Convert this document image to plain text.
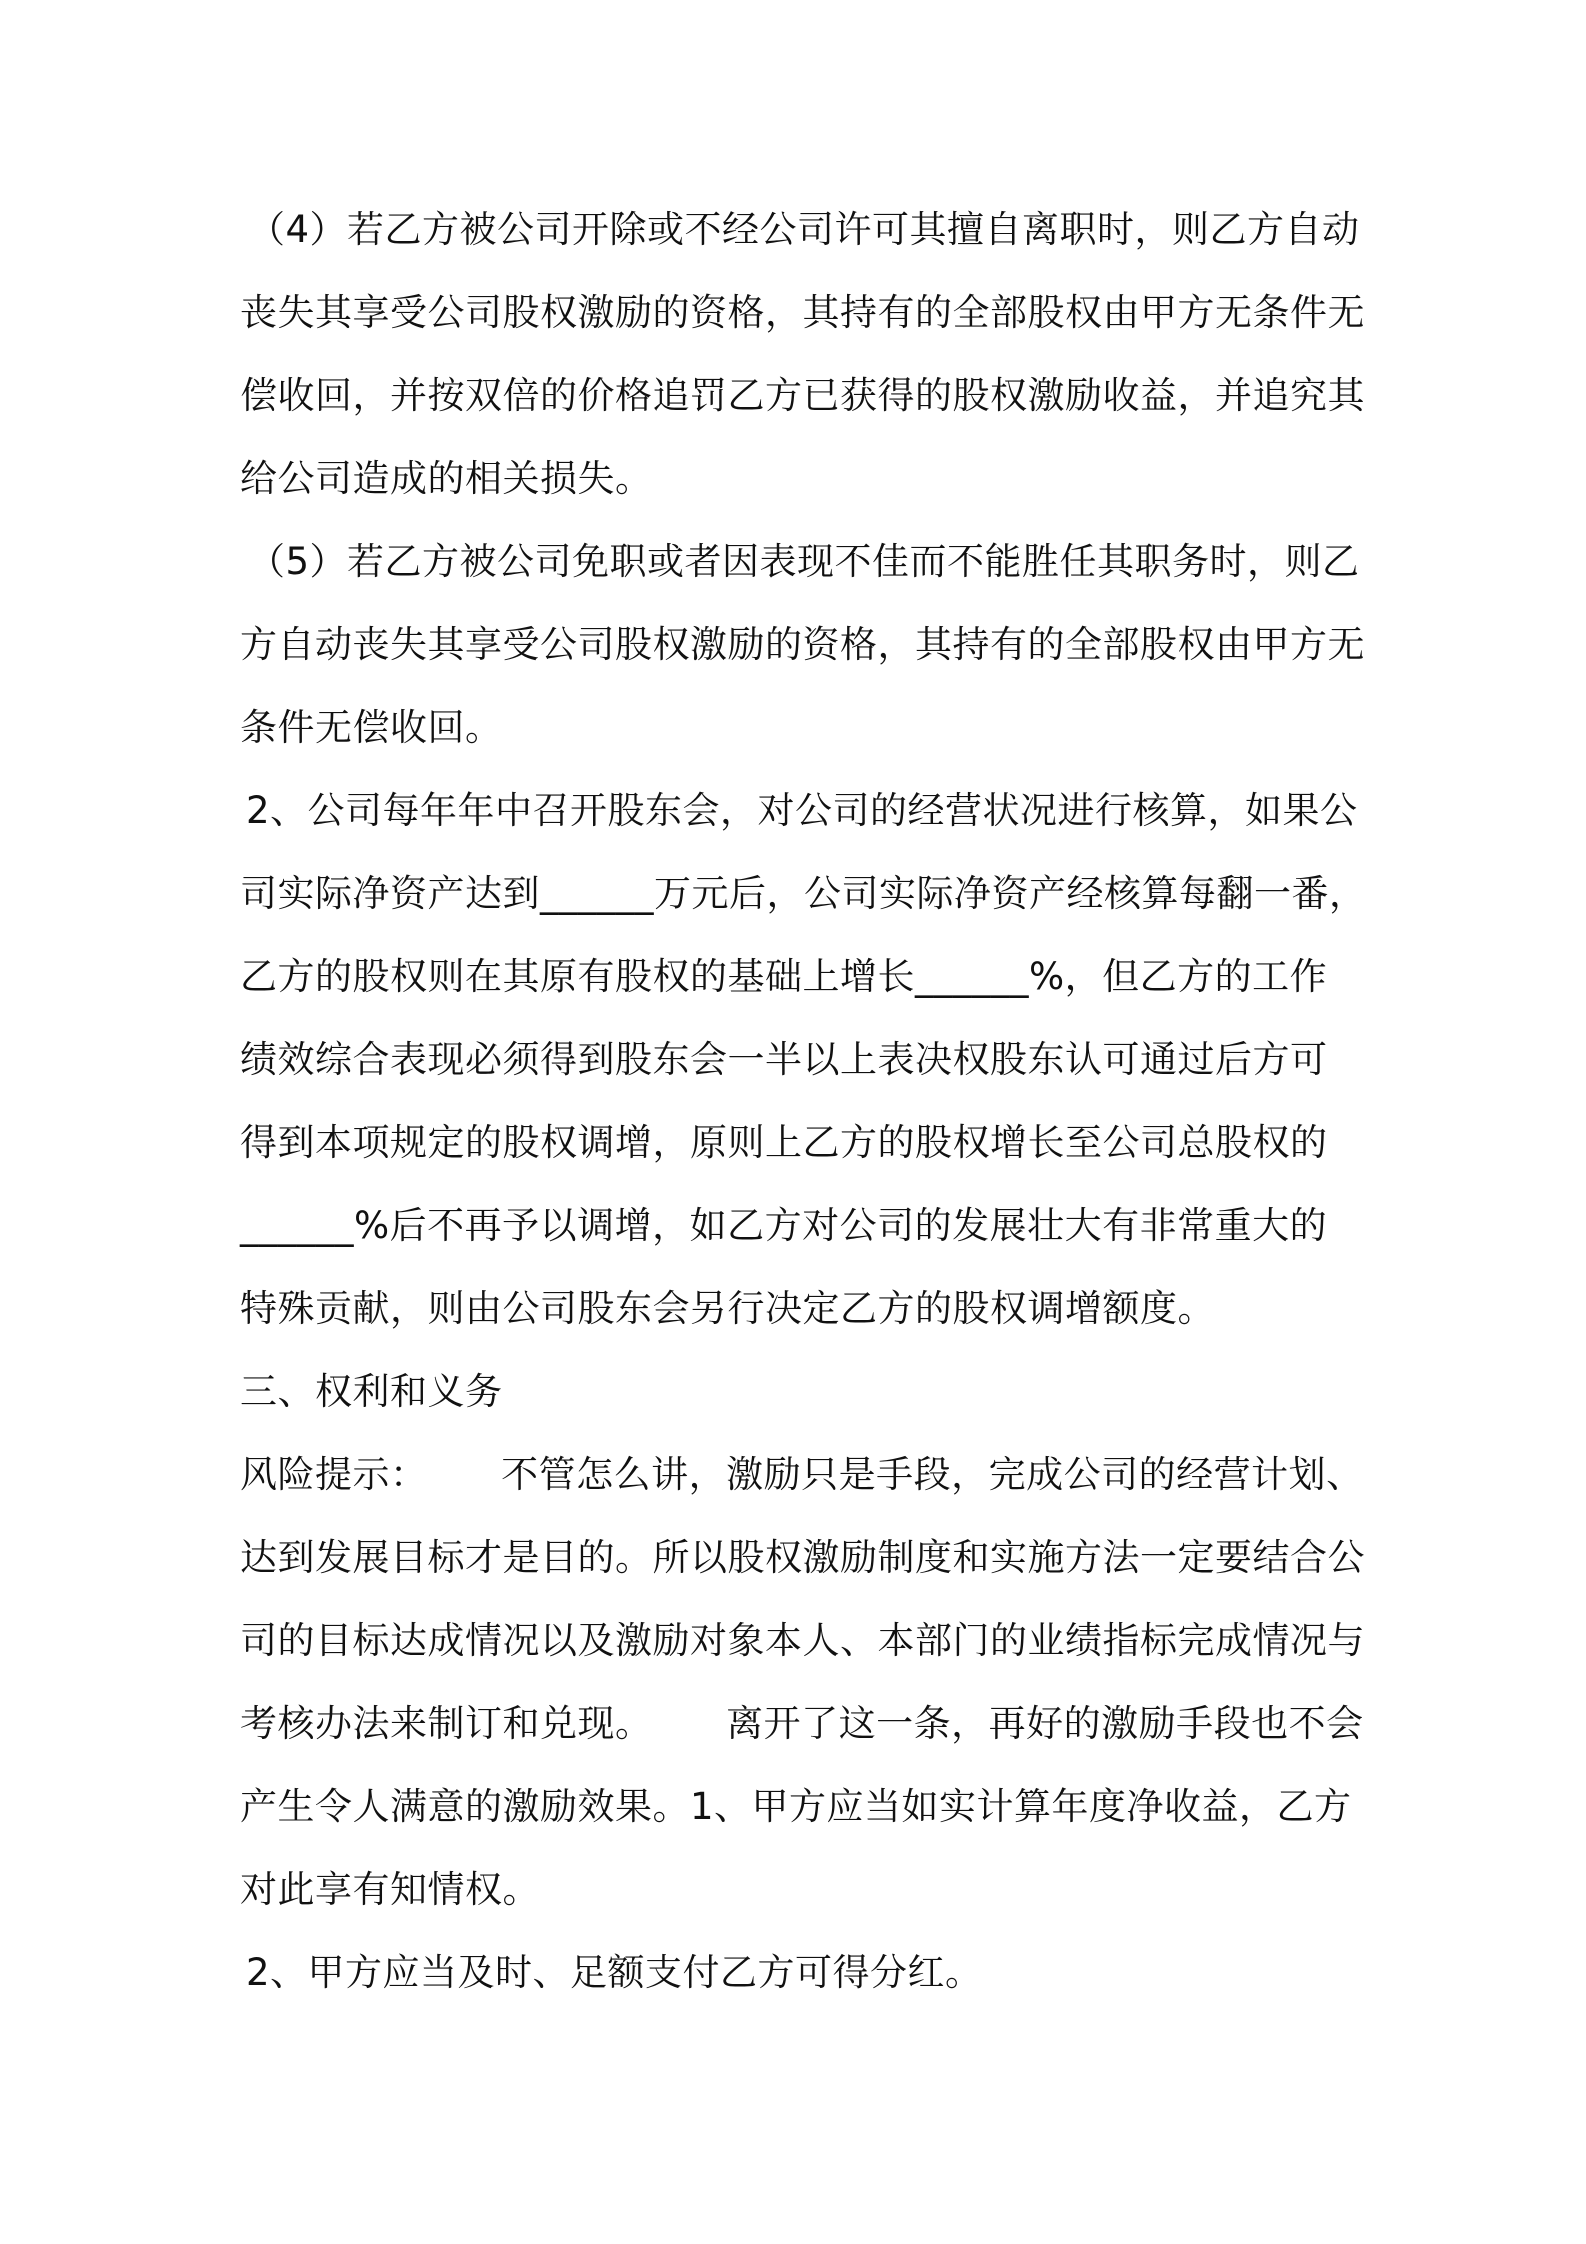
（4）若乙方被公司开除或不经公司许可其擅自离职时，则乙方自动
丧失其享受公司股权激励的资格，其持有的全部股权由甲方无条件无
偿收回，并按双倍的价格追罚乙方已获得的股权激励收益，并追究其
给公司造成的相关损失。
（5）若乙方被公司免职或者因表现不佳而不能胜任其职务时，则乙
方自动丧失其享受公司股权激励的资格，其持有的全部股权由甲方无
条件无偿收回。
2、公司每年年中召开股东会，对公司的经营状况进行核算，如果公
司实际净资产达到______万元后，公司实际净资产经核算每翻一番，
乙方的股权则在其原有股权的基础上增长______%，但乙方的工作
绩效综合表现必须得到股东会一半以上表决权股东认可通过后方可
得到本项规定的股权调增，原则上乙方的股权增长至公司总股权的
______%后不再予以调增，如乙方对公司的发展壮大有非常重大的
特殊贡献，则由公司股东会另行决定乙方的股权调增额度。
三、权利和义务
风险提示：      不管怎么讲，激励只是手段，完成公司的经营计划、
达到发展目标才是目的。所以股权激励制度和实施方法一定要结合公
司的目标达成情况以及激励对象本人、本部门的业绩指标完成情况与
考核办法来制订和兑现。      离开了这一条，再好的激励手段也不会
产生令人满意的激励效果。1、甲方应当如实计算年度净收益，乙方
对此享有知情权。
2、甲方应当及时、足额支付乙方可得分红。
